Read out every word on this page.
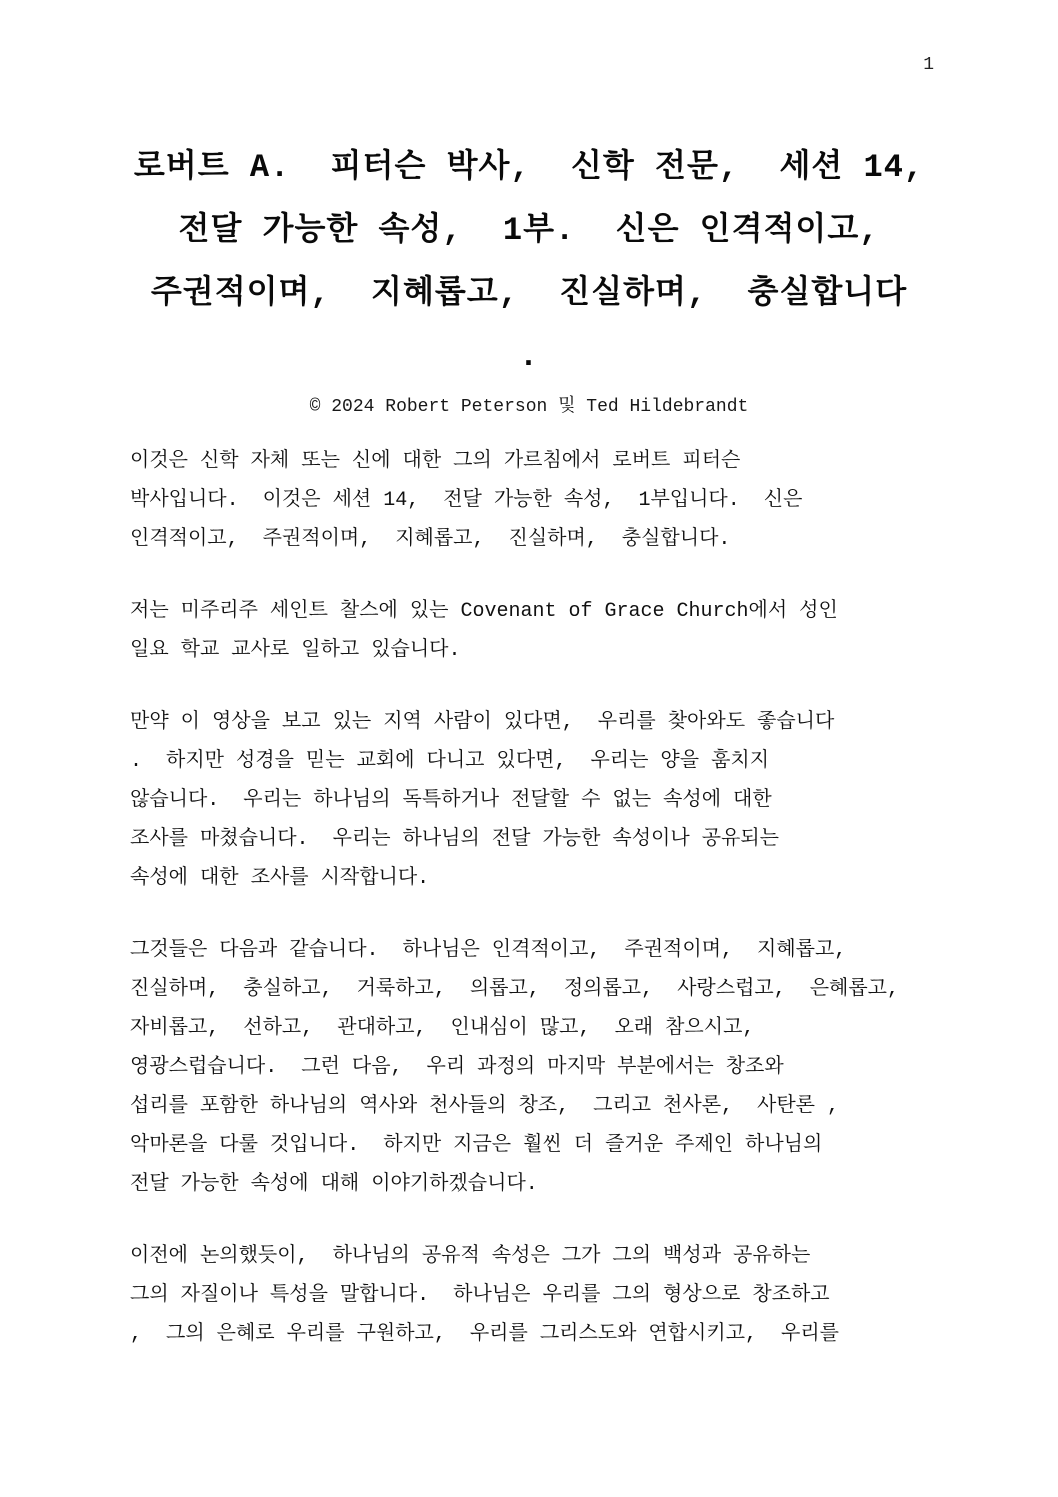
1
로버트 A.  피터슨 박사,  신학 전문,  세션 14,
전달 가능한 속성,  1부.  신은 인격적이고,
주권적이며,  지혜롭고,  진실하며,  충실합니다
.

© 2024 Robert Peterson 및 Ted Hildebrandt

이것은 신학 자체 또는 신에 대한 그의 가르침에서 로버트 피터슨
박사입니다.  이것은 세션 14,  전달 가능한 속성,  1부입니다.  신은
인격적이고,  주권적이며,  지혜롭고,  진실하며,  충실합니다.
저는 미주리주 세인트 찰스에 있는 Covenant of Grace Church에서 성인
일요 학교 교사로 일하고 있습니다.
만약 이 영상을 보고 있는 지역 사람이 있다면,  우리를 찾아와도 좋습니다
.  하지만 성경을 믿는 교회에 다니고 있다면,  우리는 양을 훔치지
않습니다.  우리는 하나님의 독특하거나 전달할 수 없는 속성에 대한
조사를 마쳤습니다.  우리는 하나님의 전달 가능한 속성이나 공유되는
속성에 대한 조사를 시작합니다.
그것들은 다음과 같습니다.  하나님은 인격적이고,  주권적이며,  지혜롭고,
진실하며,  충실하고,  거룩하고,  의롭고,  정의롭고,  사랑스럽고,  은혜롭고,
자비롭고,  선하고,  관대하고,  인내심이 많고,  오래 참으시고,
영광스럽습니다.  그런 다음,  우리 과정의 마지막 부분에서는 창조와
섭리를 포함한 하나님의 역사와 천사들의 창조,  그리고 천사론,  사탄론 ,
악마론을 다룰 것입니다.  하지만 지금은 훨씬 더 즐거운 주제인 하나님의
전달 가능한 속성에 대해 이야기하겠습니다.
이전에 논의했듯이,  하나님의 공유적 속성은 그가 그의 백성과 공유하는
그의 자질이나 특성을 말합니다.  하나님은 우리를 그의 형상으로 창조하고
,  그의 은혜로 우리를 구원하고,  우리를 그리스도와 연합시키고,  우리를
